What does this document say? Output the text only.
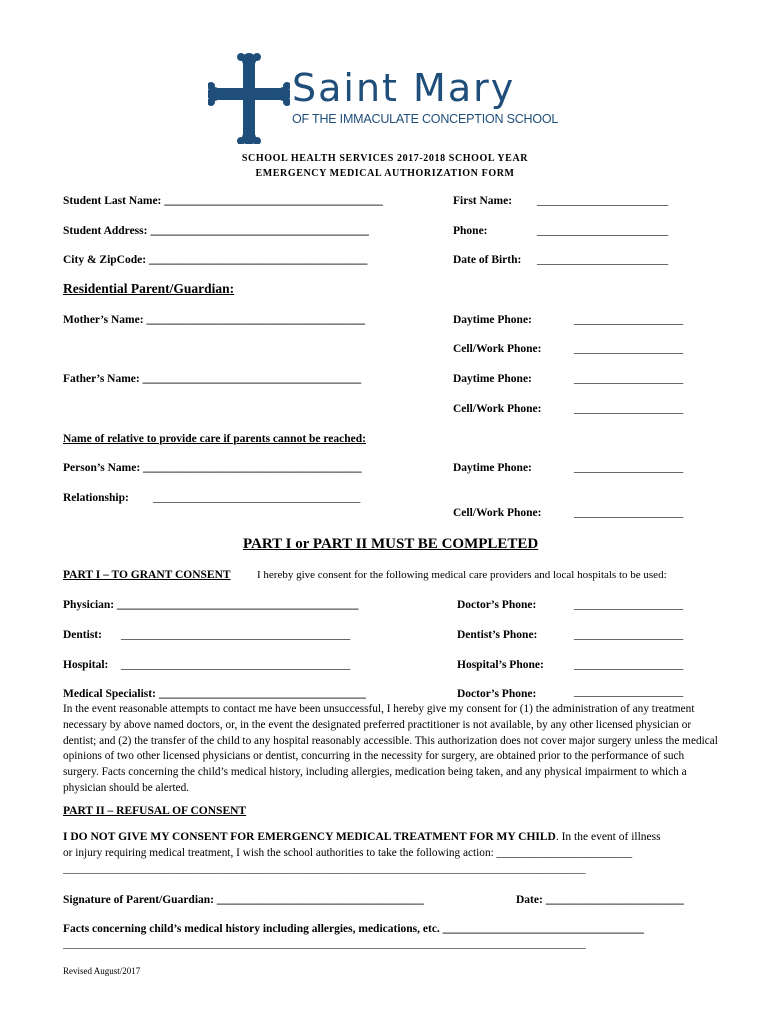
Saint Mary
OF THE IMMACULATE CONCEPTION SCHOOL
SCHOOL HEALTH SERVICES 2017-2018 SCHOOL YEAR
EMERGENCY MEDICAL AUTHORIZATION FORM
Student Last Name: ______________________________________	First Name: ________________________
Student Address: ______________________________________	Phone:	________________________
City & ZipCode: ______________________________________	Date of Birth: ________________________
Residential Parent/Guardian:
Mother’s Name: ______________________________________	Daytime Phone:	____________________
Cell/Work Phone:	____________________
Father’s Name: ______________________________________	Daytime Phone:	____________________
Cell/Work Phone:	____________________
Name of relative to provide care if parents cannot be reached:
Person’s Name: ______________________________________	Daytime Phone:	____________________
Relationship: ______________________________________
Cell/Work Phone:	____________________
PART I or PART II MUST BE COMPLETED
PART I – TO GRANT CONSENT I hereby give consent for the following medical care providers and local hospitals to be used:
Physician: __________________________________________	Doctor’s Phone:	____________________
Dentist: __________________________________________	Dentist’s Phone:	____________________
Hospital: __________________________________________	Hospital’s Phone:	____________________
Medical Specialist: ____________________________________	Doctor’s Phone:	____________________
In the event reasonable attempts to contact me have been unsuccessful, I hereby give my consent for (1) the administration of any treatment necessary by above named doctors, or, in the event the designated preferred practitioner is not available, by any other licensed physician or dentist; and (2) the transfer of the child to any hospital reasonably accessible. This authorization does not cover major surgery unless the medical opinions of two other licensed physicians or dentist, concurring in the necessity for surgery, are obtained prior to the performance of such surgery. Facts concerning the child’s medical history, including allergies, medication being taken, and any physical impairment to which a physician should be alerted.
PART II – REFUSAL OF CONSENT
I DO NOT GIVE MY CONSENT FOR EMERGENCY MEDICAL TREATMENT FOR MY CHILD. In the event of illness
or injury requiring medical treatment, I wish the school authorities to take the following action: ________________________
______________________________________________________________________________________________________________
Signature of Parent/Guardian: ____________________________________	Date: ________________________
Facts concerning child’s medical history including allergies, medications, etc. ___________________________________
______________________________________________________________________________________________________________
Revised August/2017
